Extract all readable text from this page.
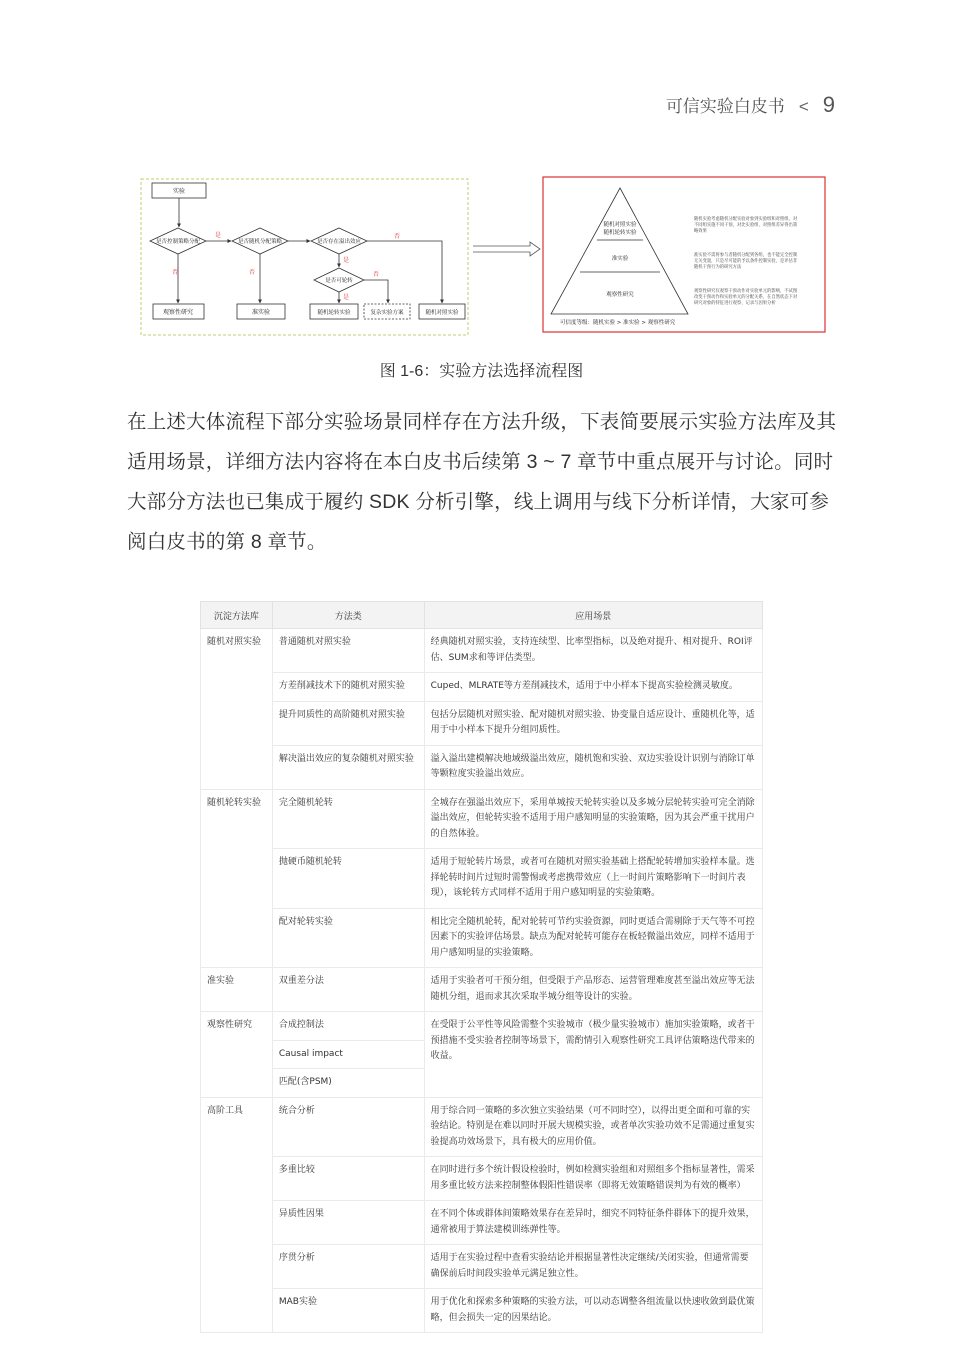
可信实验白皮书 < 9
实验
是否控制策略分配	是否随机分配策略	是否存在溢出效应
是否可轮转
是
否	否
是
是
否
否
观察性研究	准实验	随机轮转实验	复杂实验方案	随机对照实验
随机对照实验
随机轮转实验
准实验
观察性研究
可信度等级：随机实验 > 准实验 > 观察性研究
随机实验考虑随机分配实验对象到实验组和对照组，对
不同组实施不同干预，对比实验组、对照组差异得出策
略效果
准实验不需将参与者随机分配到各组，也不能完全控制
无关变量，只是尽可能的予以条件控制实验，是评估非
随机干预行为的研究方法
观察性研究仅观察干预动作对实验单元的影响，不试图
改变干预动作和实验单元的分配关系，在自然状态下对
研究对象的特征进行观察、记录与因果分析
图 1-6：实验方法选择流程图
在上述大体流程下部分实验场景同样存在方法升级，下表简要展示实验方法库及其适用场景，详细方法内容将在本白皮书后续第 3 ~ 7 章节中重点展开与讨论。同时大部分方法也已集成于履约 SDK 分析引擎，线上调用与线下分析详情，大家可参阅白皮书的第 8 章节。
沉淀方法库	方法类	应用场景
随机对照实验	普通随机对照实验	经典随机对照实验，支持连续型、比率型指标，以及绝对提升、相对提升、ROI评估、SUM求和等评估类型。
	方差削减技术下的随机对照实验	Cuped、MLRATE等方差削减技术，适用于中小样本下提高实验检测灵敏度。
	提升同质性的高阶随机对照实验	包括分层随机对照实验、配对随机对照实验、协变量自适应设计、重随机化等，适用于中小样本下提升分组同质性。
	解决溢出效应的复杂随机对照实验	溢入溢出建模解决地域级溢出效应，随机饱和实验、双边实验设计识别与消除订单等颗粒度实验溢出效应。
随机轮转实验	完全随机轮转	全城存在强溢出效应下，采用单城按天轮转实验以及多城分层轮转实验可完全消除溢出效应，但轮转实验不适用于用户感知明显的实验策略，因为其会严重干扰用户的自然体验。
	抛硬币随机轮转	适用于短轮转片场景，或者可在随机对照实验基础上搭配轮转增加实验样本量。选择轮转时间片过短时需警惕或考虑携带效应（上一时间片策略影响下一时间片表现），该轮转方式同样不适用于用户感知明显的实验策略。
	配对轮转实验	相比完全随机轮转，配对轮转可节约实验资源，同时更适合需剔除于天气等不可控因素下的实验评估场景。缺点为配对轮转可能存在板轻微溢出效应，同样不适用于用户感知明显的实验策略。
准实验	双重差分法	适用于实验者可干预分组，但受限于产品形态、运营管理难度甚至溢出效应等无法随机分组，退而求其次采取半城分组等设计的实验。
观察性研究	合成控制法	在受限于公平性等风险需整个实验城市（极少量实验城市）施加实验策略，或者干预措施不受实验者控制等场景下，需酌情引入观察性研究工具评估策略迭代带来的收益。
	Causal impact	
	匹配(含PSM)	
高阶工具	统合分析	用于综合同一策略的多次独立实验结果（可不同时空），以得出更全面和可靠的实验结论。特别是在难以同时开展大规模实验，或者单次实验功效不足需通过重复实验提高功效场景下，具有极大的应用价值。
	多重比较	在同时进行多个统计假设检验时，例如检测实验组和对照组多个指标显著性，需采用多重比较方法来控制整体假阳性错误率（即将无效策略错误判为有效的概率）
	异质性因果	在不同个体或群体间策略效果存在差异时，细究不同特征条件群体下的提升效果，通常被用于算法建模训练弹性等。
	序贯分析	适用于在实验过程中查看实验结论并根据显著性决定继续/关闭实验，但通常需要确保前后时间段实验单元满足独立性。
	MAB实验	用于优化和探索多种策略的实验方法，可以动态调整各组流量以快速收敛到最优策略，但会损失一定的因果结论。
